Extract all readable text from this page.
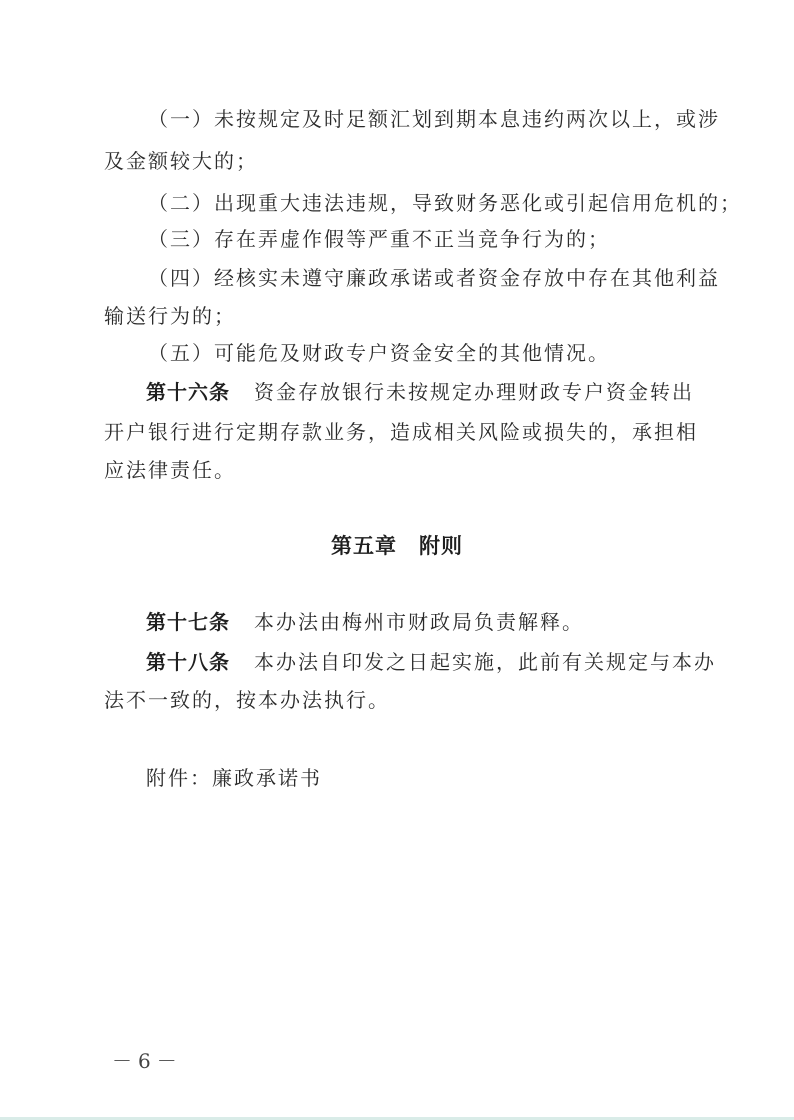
（一）未按规定及时足额汇划到期本息违约两次以上，或涉
及金额较大的；
（二）出现重大违法违规，导致财务恶化或引起信用危机的；
（三）存在弄虚作假等严重不正当竞争行为的；
（四）经核实未遵守廉政承诺或者资金存放中存在其他利益
输送行为的；
（五）可能危及财政专户资金安全的其他情况。
第十六条 资金存放银行未按规定办理财政专户资金转出
开户银行进行定期存款业务，造成相关风险或损失的，承担相
应法律责任。
第五章 附则
第十七条 本办法由梅州市财政局负责解释。
第十八条 本办法自印发之日起实施，此前有关规定与本办
法不一致的，按本办法执行。
附件：廉政承诺书
－6－
